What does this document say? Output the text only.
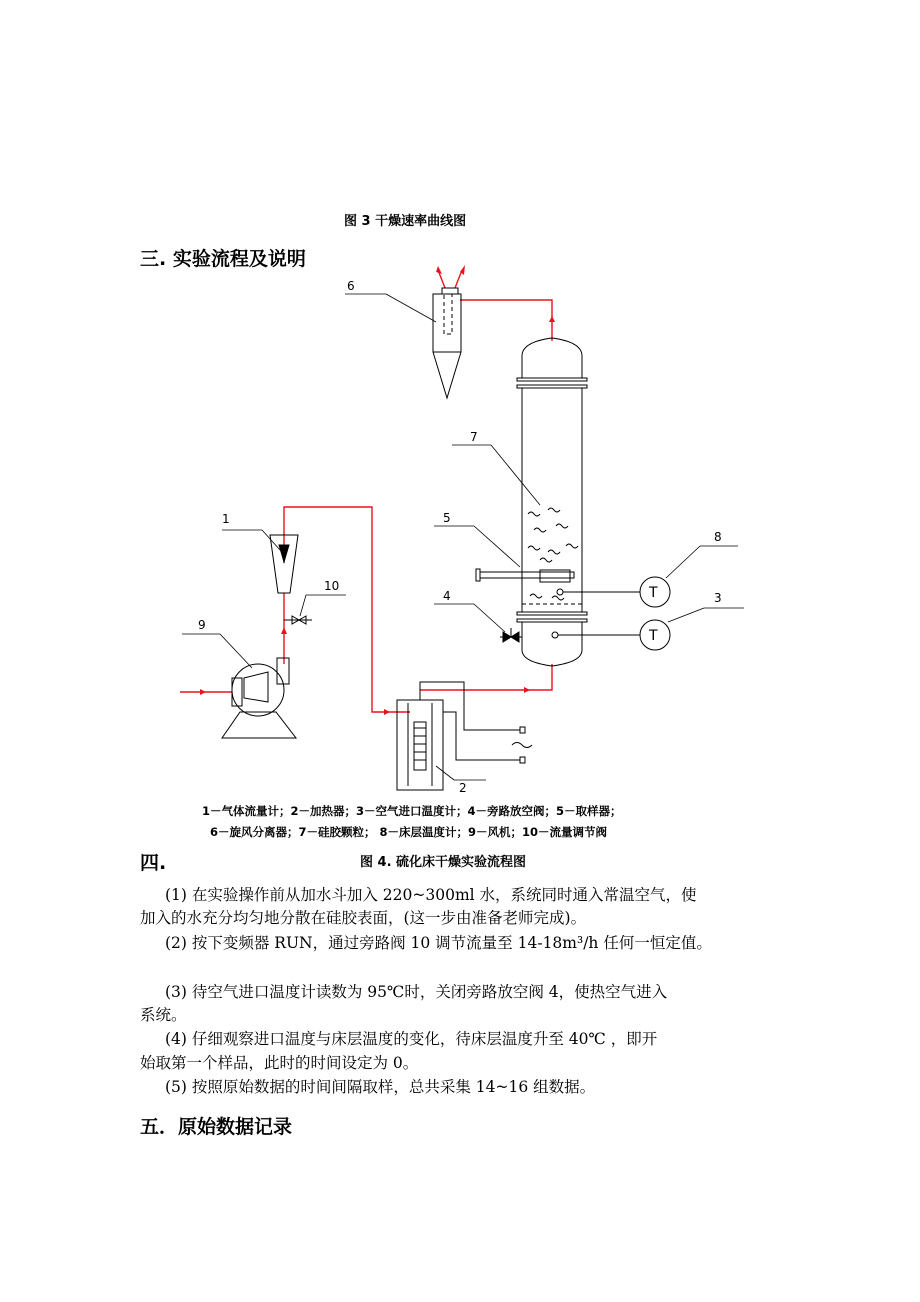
图 3 干燥速率曲线图
三. 实验流程及说明
1
2
3
4
5
6
7
8
9
10	T
T
1－气体流量计；2－加热器；3－空气进口温度计；4－旁路放空阀；5－取样器；
6－旋风分离器；7－硅胶颗粒； 8－床层温度计；9－风机；10－流量调节阀
四.	图 4. 硫化床干燥实验流程图
(1) 在实验操作前从加水斗加入 220~300ml 水，系统同时通入常温空气，使
加入的水充分均匀地分散在硅胶表面，(这一步由准备老师完成)。
(2) 按下变频器 RUN，通过旁路阀 10 调节流量至 14-18m³/h 任何一恒定值。
(3) 待空气进口温度计读数为 95℃时，关闭旁路放空阀 4，使热空气进入
系统。
(4) 仔细观察进口温度与床层温度的变化，待床层温度升至 40℃ ，即开
始取第一个样品，此时的时间设定为 0。
(5) 按照原始数据的时间间隔取样，总共采集 14~16 组数据。
五．原始数据记录
